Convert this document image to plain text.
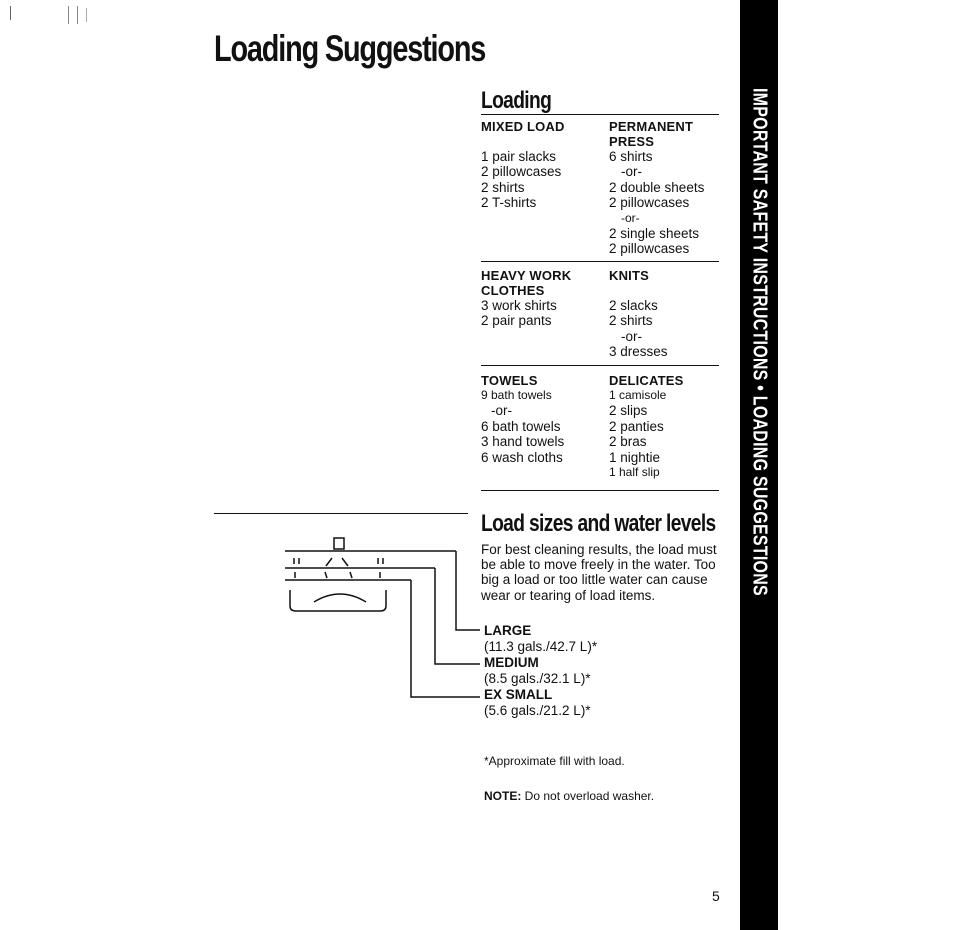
Loading Suggestions
Loading
MIXED LOAD
1 pair slacks
2 pillowcases
2 shirts
2 T-shirts
PERMANENT
PRESS
6 shirts
-or-
2 double sheets
2 pillowcases
-or-
2 single sheets
2 pillowcases
HEAVY WORK
CLOTHES
3 work shirts
2 pair pants
KNITS
2 slacks
2 shirts
-or-
3 dresses
TOWELS
9 bath towels
-or-
6 bath towels
3 hand towels
6 wash cloths
DELICATES
1 camisole
2 slips
2 panties
2 bras
1 nightie
1 half slip
Load sizes and water levels
For best cleaning results, the load must be able to move freely in the water. Too big a load or too little water can cause wear or tearing of load items.
LARGE
(11.3 gals./42.7 L)*
MEDIUM
(8.5 gals./32.1 L)*
EX SMALL
(5.6 gals./21.2 L)*
*Approximate fill with load.
NOTE: Do not overload washer.
IMPORTANT SAFETY INSTRUCTIONS • LOADING SUGGESTIONS
5
